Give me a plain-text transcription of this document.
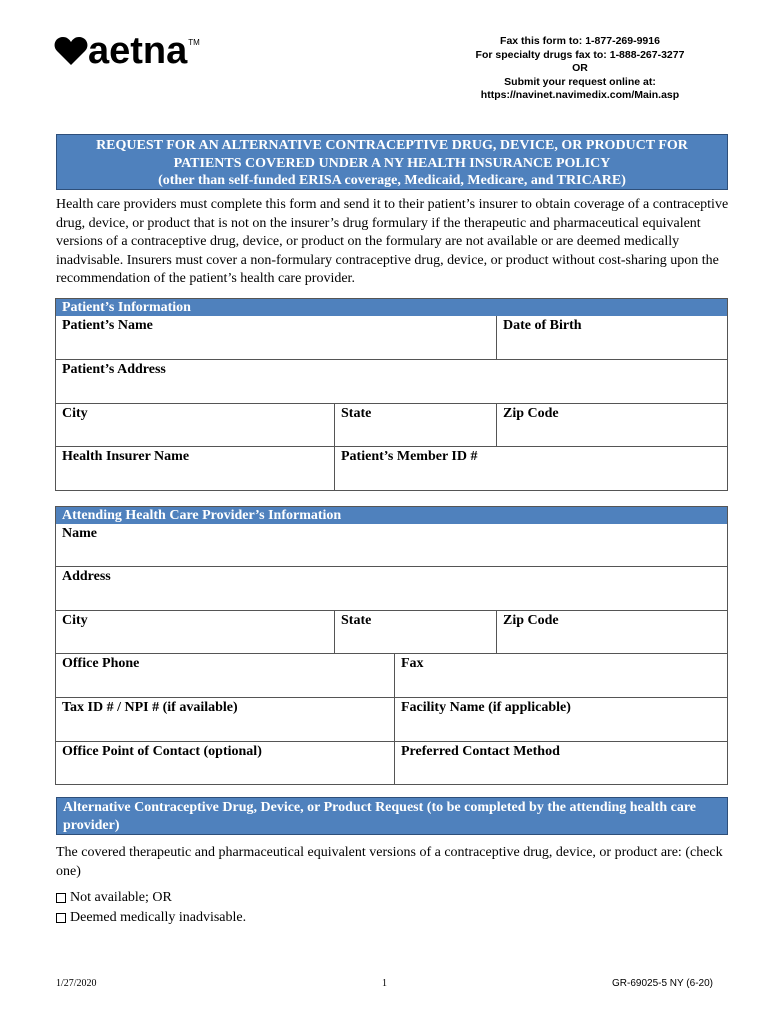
aetna TM	Fax this form to: 1-877-269-9916
For specialty drugs fax to: 1-888-267-3277
OR
Submit your request online at:
https://navinet.navimedix.com/Main.asp
REQUEST FOR AN ALTERNATIVE CONTRACEPTIVE DRUG, DEVICE, OR PRODUCT FOR
PATIENTS COVERED UNDER A NY HEALTH INSURANCE POLICY
(other than self-funded ERISA coverage, Medicaid, Medicare, and TRICARE)
Health care providers must complete this form and send it to their patient’s insurer to obtain coverage of a contraceptive drug, device, or product that is not on the insurer’s drug formulary if the therapeutic and pharmaceutical equivalent versions of a contraceptive drug, device, or product on the formulary are not available or are deemed medically inadvisable. Insurers must cover a non-formulary contraceptive drug, device, or product without cost-sharing upon the recommendation of the patient’s health care provider.
Patient’s Information
Patient’s Name	Date of Birth
Patient’s Address
City	State	Zip Code
Health Insurer Name	Patient’s Member ID #
Attending Health Care Provider’s Information
Name
Address
City	State	Zip Code
Office Phone	Fax
Tax ID # / NPI # (if available)	Facility Name (if applicable)
Office Point of Contact (optional)	Preferred Contact Method
Alternative Contraceptive Drug, Device, or Product Request (to be completed by the attending health care provider)
The covered therapeutic and pharmaceutical equivalent versions of a contraceptive drug, device, or product are: (check one)
Not available; OR
Deemed medically inadvisable.
1/27/2020	1	GR-69025-5 NY (6-20)
